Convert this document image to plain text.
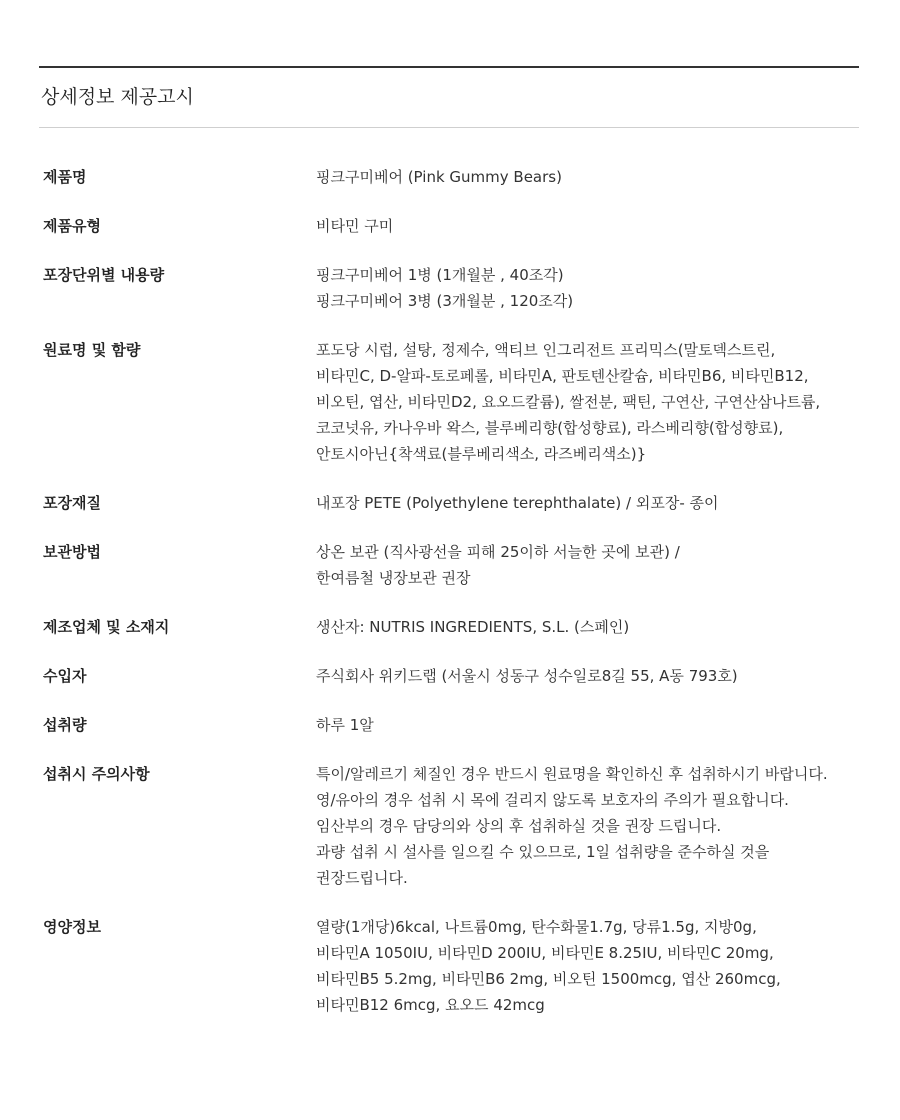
상세정보 제공고시
제품명	핑크구미베어 (Pink Gummy Bears)
제품유형	비타민 구미
포장단위별 내용량	핑크구미베어 1병 (1개월분 , 40조각)
핑크구미베어 3병 (3개월분 , 120조각)
원료명 및 함량	포도당 시럽, 설탕, 정제수, 액티브 인그리전트 프리믹스(말토덱스트린,
비타민C, D-알파-토로페롤, 비타민A, 판토텐산칼슘, 비타민B6, 비타민B12,
비오틴, 엽산, 비타민D2, 요오드칼륨), 쌀전분, 팩틴, 구연산, 구연산삼나트륨,
코코넛유, 카나우바 왁스, 블루베리향(합성향료), 라스베리향(합성향료),
안토시아닌{착색료(블루베리색소, 라즈베리색소)}
포장재질	내포장 PETE (Polyethylene terephthalate) / 외포장- 종이
보관방법	상온 보관 (직사광선을 피해 25이하 서늘한 곳에 보관) /
한여름철 냉장보관 권장
제조업체 및 소재지	생산자: NUTRIS INGREDIENTS, S.L. (스페인)
수입자	주식회사 위키드랩 (서울시 성동구 성수일로8길 55, A동 793호)
섭취량	하루 1알
섭취시 주의사항	특이/알레르기 체질인 경우 반드시 원료명을 확인하신 후 섭취하시기 바랍니다.
영/유아의 경우 섭취 시 목에 걸리지 않도록 보호자의 주의가 필요합니다.
임산부의 경우 담당의와 상의 후 섭취하실 것을 권장 드립니다.
과량 섭취 시 설사를 일으킬 수 있으므로, 1일 섭취량을 준수하실 것을
권장드립니다.
영양정보	열량(1개당)6kcal, 나트륨0mg, 탄수화물1.7g, 당류1.5g, 지방0g,
비타민A 1050IU, 비타민D 200IU, 비타민E 8.25IU, 비타민C 20mg,
비타민B5 5.2mg, 비타민B6 2mg, 비오틴 1500mcg, 엽산 260mcg,
비타민B12 6mcg, 요오드 42mcg
